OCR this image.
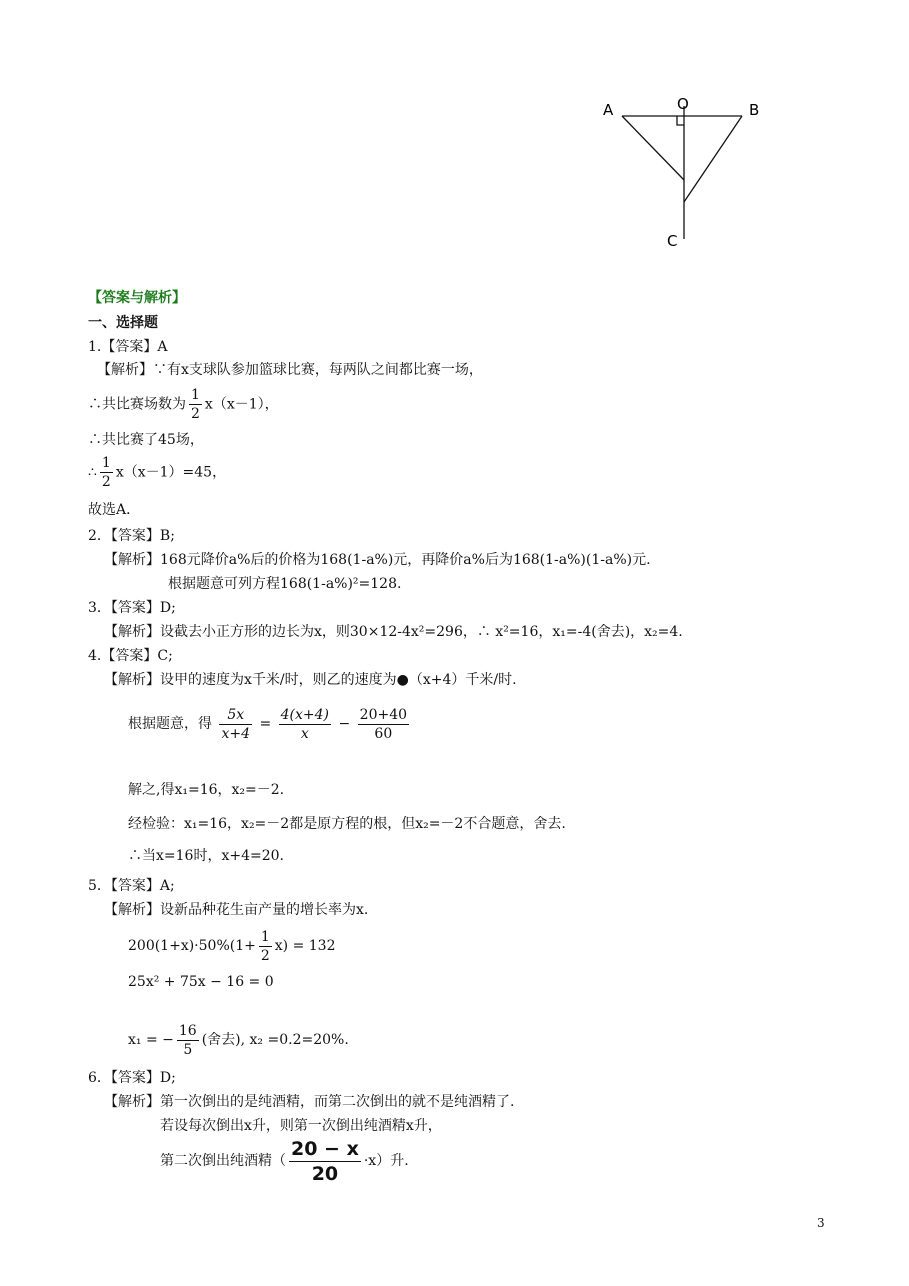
A	O	B
C
【答案与解析】
一、选择题
1.【答案】A
【解析】∵有x支球队参加篮球比赛，每两队之间都比赛一场，
∴共比赛场数为 $\frac{1}{2} x(x-1)$，
∴共比赛了45场，
∴ $\frac{1}{2} x(x-1)=45$，
故选A．
2．【答案】B;
【解析】168元降价a%后的价格为168(1-a%)元，再降价a%后为168(1-a%)(1-a%)元.
根据题意可列方程168(1-a%)²=128.
3．【答案】D;
【解析】设截去小正方形的边长为x，则30×12-4x²=296，∴ x²=16，x₁=-4(舍去)，x₂=4.
4.【答案】C;
【解析】设甲的速度为x千米/时，则乙的速度为●（x+4）千米/时.
根据题意，得 $\frac{5x}{x+4} = \frac{4(x+4)}{x} - \frac{20+40}{60}$
解之,得x₁=16，x₂=－2.
经检验：x₁=16，x₂=－2都是原方程的根，但x₂=－2不合题意，舍去.
∴当x=16时，x+4=20.
5．【答案】A;
【解析】设新品种花生亩产量的增长率为x.
$200(1+x)\cdot 50\%(1+ \frac{1}{2} x) = 132$
25x² + 75x − 16 = 0
x₁ = − $\frac{16}{5}$ (舍去), x₂ =0.2=20%.
6．【答案】D;
【解析】第一次倒出的是纯酒精，而第二次倒出的就不是纯酒精了.
若设每次倒出x升，则第一次倒出纯酒精x升，
第二次倒出纯酒精（ $\frac{20 - x}{20} \cdot x$）升.
3
